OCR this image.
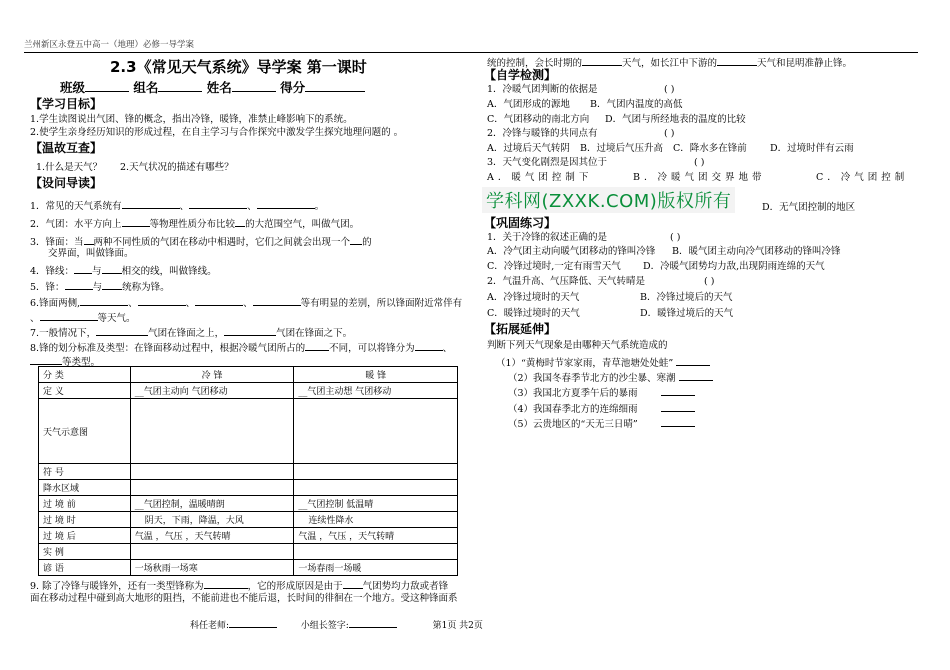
兰州新区永登五中高一（地理）必修一导学案
2.3《常见天气系统》导学案 第一课时
班级	组名	姓名	得分
【学习目标】
1.学生读图说出气团、锋的概念，指出冷锋，暖锋，准禁止峰影响下的系统。
2.使学生亲身经历知识的形成过程，在自主学习与合作探究中激发学生探究地理问题的 。
【温故互查】
1.什么是天气？ 2.天气状况的描述有哪些？
【设问导读】
1．常见的天气系统有	、	、	。
2．气团：水平方向上	等物理性质分布比较 的大范围空气，叫做气团。
3．锋面：当 两种不同性质的气团在移动中相遇时，它们之间就会出现一个 的
交界面，叫做锋面。
4．锋线： 与 相交的线，叫做锋线。
5．锋：	与 统称为锋。
6.锋面两侧,	、	、	、	等有明显的差别，所以锋面附近常伴有
、	等天气。
7.一般情况下，	气团在锋面之上，	气团在锋面之下。
8.锋的划分标准及类型：在锋面移动过程中，根据冷暖气团所占的	不同，可以将锋分为	、
等类型。
分 类	冷 锋	暖 锋
定 义	__气团主动向 气团移动	__气团主动想 气团移动
天气示意图		
符 号		
降水区域		
过 境 前	__气团控制，温暖晴朗	__气团控制 低温晴
过 境 时	阴天，下雨，降温，大风	连续性降水
过 境 后	气温 ，气压 ，天气转晴	气温 ，气压 ，天气转晴
实 例		
谚 语	一场秋雨一场寒	一场春雨一场暖
9. 除了冷锋与暖锋外，还有一类型锋称为	，它的形成原因是由于 气团势均力敌或者锋
面在移动过程中碰到高大地形的阻挡，不能前进也不能后退，长时间的徘徊在一个地方。受这种锋面系
统的控制，会长时期的	天气，如长江中下游的	天气和昆明准静止锋。
【自学检测】
1．冷暖气团判断的依据是	( )
A．气团形成的源地 B．气团内温度的高低
C．气团移动的南北方向 D．气团与所经地表的温度的比较
2．冷锋与暖锋的共同点有	( )
A．过境后天气转阴 B．过境后气压升高 C．降水多在锋前 D．过境时伴有云雨
3．天气变化剧烈是因其位于	( )
A．暖气团控制下	B．冷暖气团交界地带	C．冷气团控制
D．无气团控制的地区
学科网(ZXXK.COM)版权所有
【巩固练习】
1．关于冷锋的叙述正确的是	( )
A．冷气团主动向暖气团移动的锋叫冷锋 B．暖气团主动向冷气团移动的锋叫冷锋
C．冷锋过境时,一定有雨雪天气 D．冷暖气团势均力敌,出现阴雨连绵的天气
2．气温升高、气压降低、天气转晴是	( )
A．冷锋过境时的天气	B．冷锋过境后的天气
C．暖锋过境时的天气	D．暖锋过境后的天气
【拓展延伸】
判断下列天气现象是由哪种天气系统造成的
（1）“黄梅时节家家雨，青草池塘处处蛙”
（2）我国冬春季节北方的沙尘暴、寒潮
（3）我国北方夏季午后的暴雨
（4）我国春季北方的连绵细雨
（5）云贵地区的“天无三日晴”
科任老师:	小组长签字:	第1页 共2页
